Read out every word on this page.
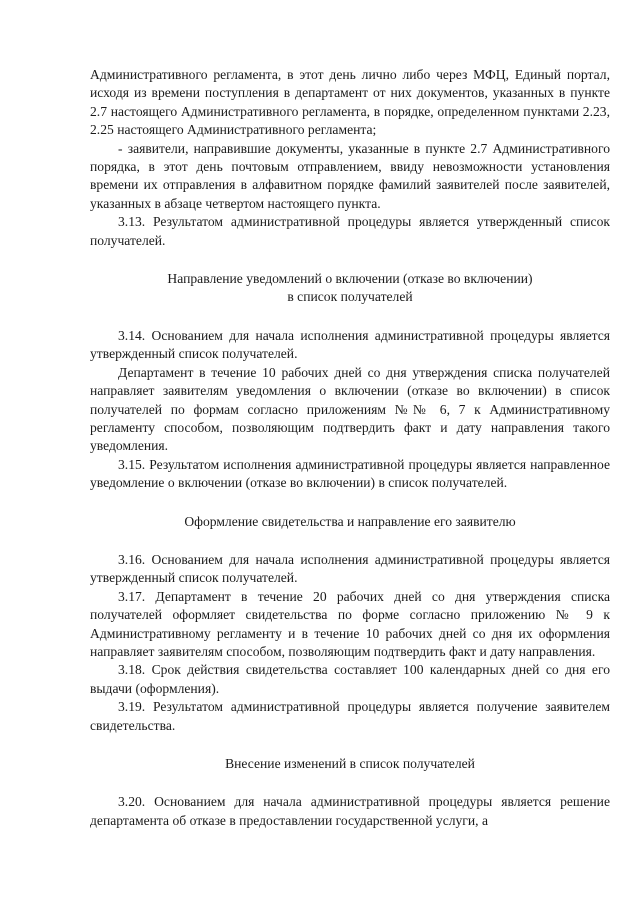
Административного регламента, в этот день лично либо через МФЦ, Единый портал, исходя из времени поступления в департамент от них документов, указанных в пункте 2.7 настоящего Административного регламента, в порядке, определенном пунктами 2.23, 2.25 настоящего Административного регламента;

- заявители, направившие документы, указанные в пункте 2.7 Административного порядка, в этот день почтовым отправлением, ввиду невозможности установления времени их отправления в алфавитном порядке фамилий заявителей после заявителей, указанных в абзаце четвертом настоящего пункта.

3.13. Результатом административной процедуры является утвержденный список получателей.

Направление уведомлений о включении (отказе во включении)
в список получателей

3.14. Основанием для начала исполнения административной процедуры является утвержденный список получателей.

Департамент в течение 10 рабочих дней со дня утверждения списка получателей направляет заявителям уведомления о включении (отказе во включении) в список получателей по формам согласно приложениям №№ 6, 7 к Административному регламенту способом, позволяющим подтвердить факт и дату направления такого уведомления.

3.15. Результатом исполнения административной процедуры является направленное уведомление о включении (отказе во включении) в список получателей.

Оформление свидетельства и направление его заявителю

3.16. Основанием для начала исполнения административной процедуры является утвержденный список получателей.

3.17. Департамент в течение 20 рабочих дней со дня утверждения списка получателей оформляет свидетельства по форме согласно приложению № 9 к Административному регламенту и в течение 10 рабочих дней со дня их оформления направляет заявителям способом, позволяющим подтвердить факт и дату направления.

3.18. Срок действия свидетельства составляет 100 календарных дней со дня его выдачи (оформления).

3.19. Результатом административной процедуры является получение заявителем свидетельства.

Внесение изменений в список получателей

3.20. Основанием для начала административной процедуры является решение департамента об отказе в предоставлении государственной услуги, а
